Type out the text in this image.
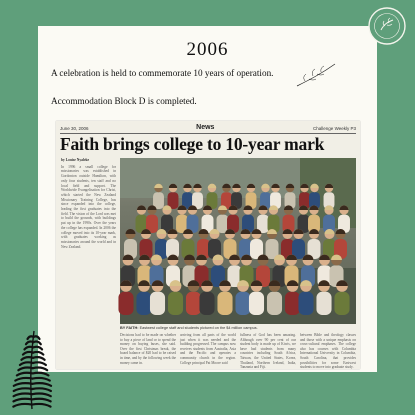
2006
A celebration is held to commemorate 10 years of operation.
Accommodation Block D is completed.
June 30, 2006	News	Challenge Weekly P3
Faith brings college to 10-year mark
by Louise Nyaleke
In 1996 a small college for missionaries was established in Gordonton outside Hamilton, with only four students, ten staff and no local field and support. The Worldwide Evangelisation for Christ, which started the New Zealand Missionary Training College, has since expanded into the college, leading the first graduates into the field. The vision of the Lord was met to build the grounds, with buildings put up in the 1990s. Over the years the college has expanded. In 2006 the college moved into its 10-year mark, with graduates working as missionaries around the world and in New Zealand.
BY FAITH: Eastwest college staff and students pictured on the $4 million campus.
Decisions had to be made on whether to buy a piece of land or to spend the money on buying buses, she said. Over the first Christmas break, the board balance of $20 had to be raised in time, and by the following week the money came in.
arriving from all parts of the world just when it was needed and the building progressed. The campus now receives students from Australia, Asia and the Pacific and operates a community church in the region. College principal Pat Moore said
fullness of God has been amazing. Although over 90 per cent of our student body is made up of Kiwis, we have had students from many countries including South Africa, Taiwan, the United States, Korea, Thailand, Northern Ireland, India, Tanzania and Fiji.
between Bible and theology classes and those with a unique emphasis on cross-cultural emphases. The college also has courses with Columbia International University in Columbia, South Carolina, that provides possibilities for some Eastwest students to move into graduate study.
